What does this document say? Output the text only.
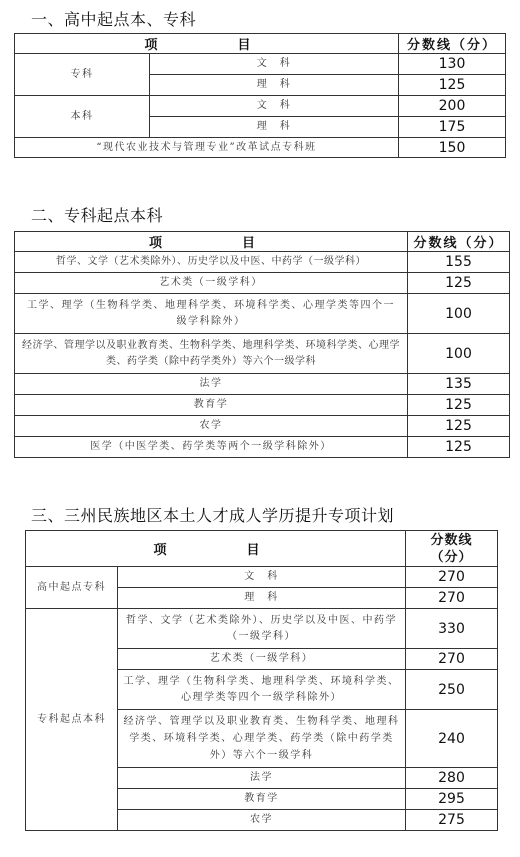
一、高中起点本、专科
项　　目		分数线（分）
专科	文　科	130
	理　科	125
本科	文　科	200
	理　科	175
“现代农业技术与管理专业”改革试点专科班		150
二、专科起点本科
项　　目	分数线（分）
哲学、文学（艺术类除外）、历史学以及中医、中药学（一级学科）	155
艺术类（一级学科）	125
工学、理学（生物科学类、地理科学类、环境科学类、心理学类等四个一级学科除外）	100
经济学、管理学以及职业教育类、生物科学类、地理科学类、环境科学类、心理学类、药学类（除中药学类外）等六个一级学科	100
法学	135
教育学	125
农学	125
医学（中医学类、药学类等两个一级学科除外）	125
三、三州民族地区本土人才成人学历提升专项计划
项　　目		分数线（分）
高中起点专科	文　科	270
	理　科	270
专科起点本科	哲学、文学（艺术类除外）、历史学以及中医、中药学（一级学科）	330
	艺术类（一级学科）	270
	工学、理学（生物科学类、地理科学类、环境科学类、心理学类等四个一级学科除外）	250
	经济学、管理学以及职业教育类、生物科学类、地理科学类、环境科学类、心理学类、药学类（除中药学类外）等六个一级学科	240
	法学	280
	教育学	295
	农学	275
